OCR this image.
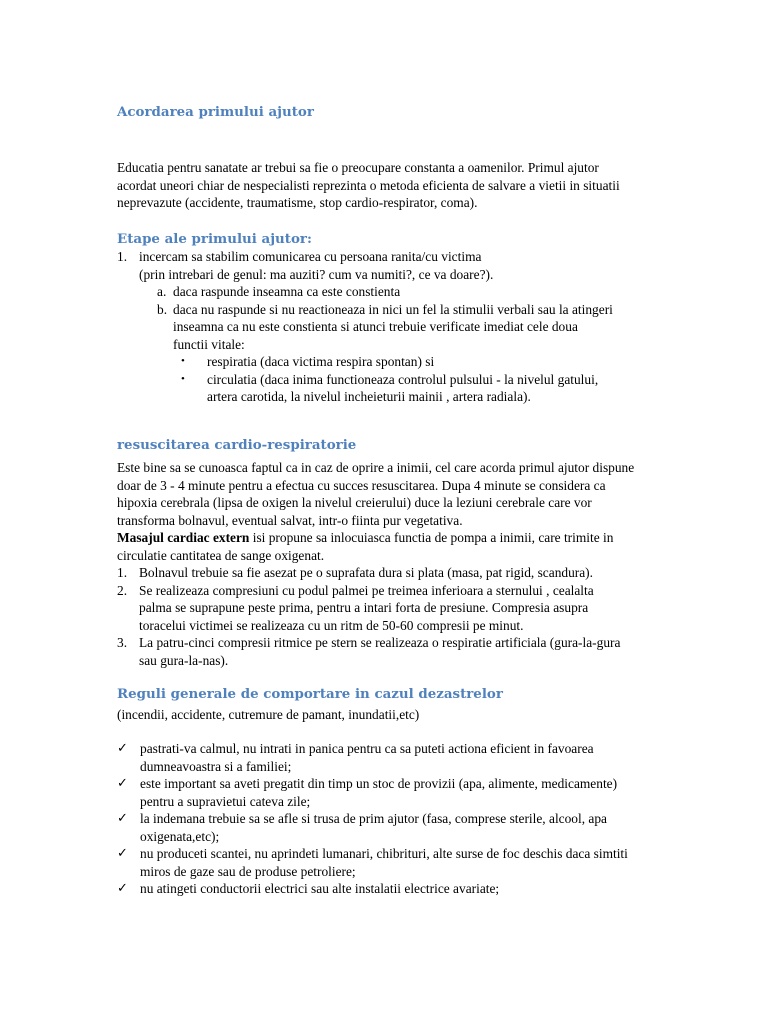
Acordarea primului ajutor

Educatia pentru sanatate ar trebui sa fie o preocupare constanta a oamenilor. Primul ajutor

acordat uneori chiar de nespecialisti reprezinta o metoda eficienta de salvare a vietii in situatii

neprevazute (accidente, traumatisme, stop cardio-respirator, coma).

Etape ale primului ajutor:
1. incercam sa stabilim comunicarea cu persoana ranita/cu victima

(prin intrebari de genul: ma auziti? cum va numiti?, ce va doare?).

a. daca raspunde inseamna ca este constienta

b. daca nu raspunde si nu reactioneaza in nici un fel la stimulii verbali sau la atingeri

inseamna ca nu este constienta si atunci trebuie verificate imediat cele doua

functii vitale:

• respiratia (daca victima respira spontan) si

• circulatia (daca inima functioneaza controlul pulsului - la nivelul gatului,

artera carotida, la nivelul incheieturii mainii , artera radiala).

resuscitarea cardio-respiratorie

Este bine sa se cunoasca faptul ca in caz de oprire a inimii, cel care acorda primul ajutor dispune

doar de 3 - 4 minute pentru a efectua cu succes resuscitarea. Dupa 4 minute se considera ca

hipoxia cerebrala (lipsa de oxigen la nivelul creierului) duce la leziuni cerebrale care vor

transforma bolnavul, eventual salvat, intr-o fiinta pur vegetativa.

Masajul cardiac extern isi propune sa inlocuiasca functia de pompa a inimii, care trimite in

circulatie cantitatea de sange oxigenat.

1. Bolnavul trebuie sa fie asezat pe o suprafata dura si plata (masa, pat rigid, scandura).

2. Se realizeaza compresiuni cu podul palmei pe treimea inferioara a sternului , cealalta

palma se suprapune peste prima, pentru a intari forta de presiune. Compresia asupra

toracelui victimei se realizeaza cu un ritm de 50-60 compresii pe minut.

3. La patru-cinci compresii ritmice pe stern se realizeaza o respiratie artificiala (gura-la-gura

sau gura-la-nas).

Reguli generale de comportare in cazul dezastrelor
(incendii, accidente, cutremure de pamant, inundatii,etc)
✓ pastrati-va calmul, nu intrati in panica pentru ca sa puteti actiona eficient in favoarea

dumneavoastra si a familiei;

✓ este important sa aveti pregatit din timp un stoc de provizii (apa, alimente, medicamente)

pentru a supravietui cateva zile;

✓ la indemana trebuie sa se afle si trusa de prim ajutor (fasa, comprese sterile, alcool, apa

oxigenata,etc);

✓ nu produceti scantei, nu aprindeti lumanari, chibrituri, alte surse de foc deschis daca simtiti

miros de gaze sau de produse petroliere;

✓ nu atingeti conductorii electrici sau alte instalatii electrice avariate;
